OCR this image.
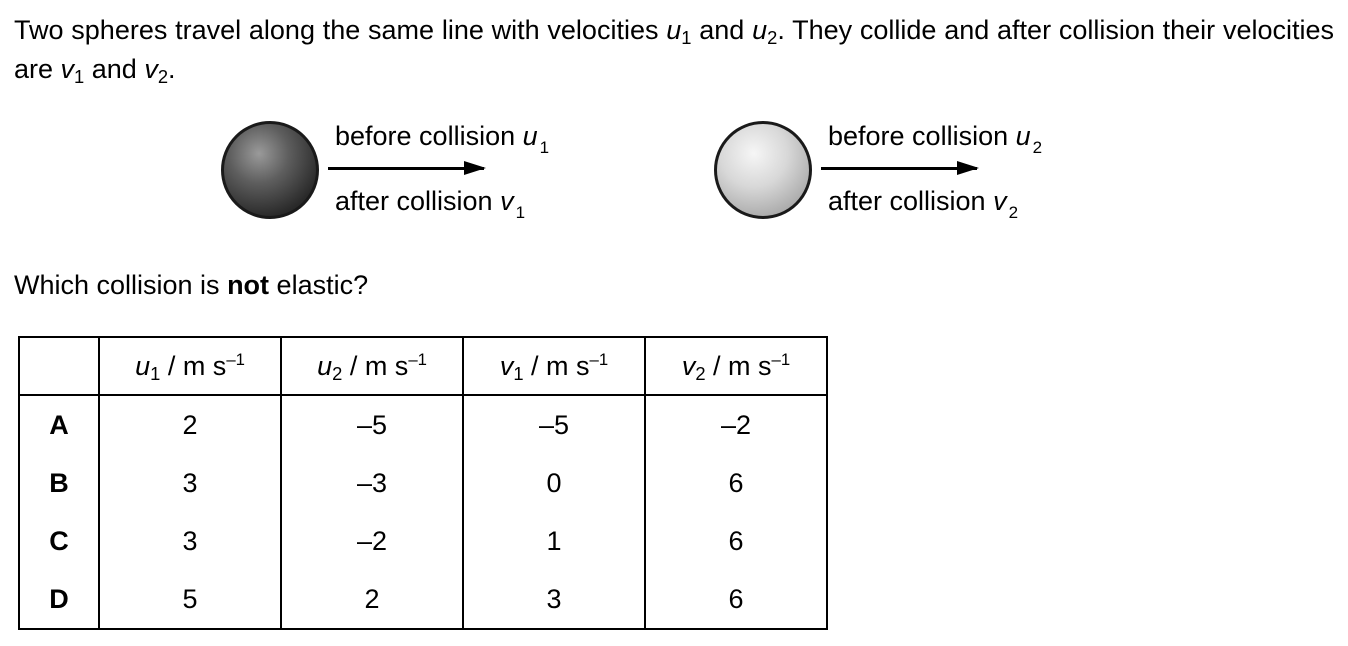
Two spheres travel along the same line with velocities u1 and u2. They collide and after collision their velocities are v1 and v2.

before collision u $_1$
after collision v $_1$
before collision u $_2$
after collision v $_2$

Which collision is not elastic?

	u1 / m $s^{-1}$	u2 / m $s^{-1}$	v1 / m $s^{-1}$	v2 / m $s^{-1}$
A	2	–5	–5	–2
B	3	–3	0	6
C	3	–2	1	6
D	5	2	3	6
